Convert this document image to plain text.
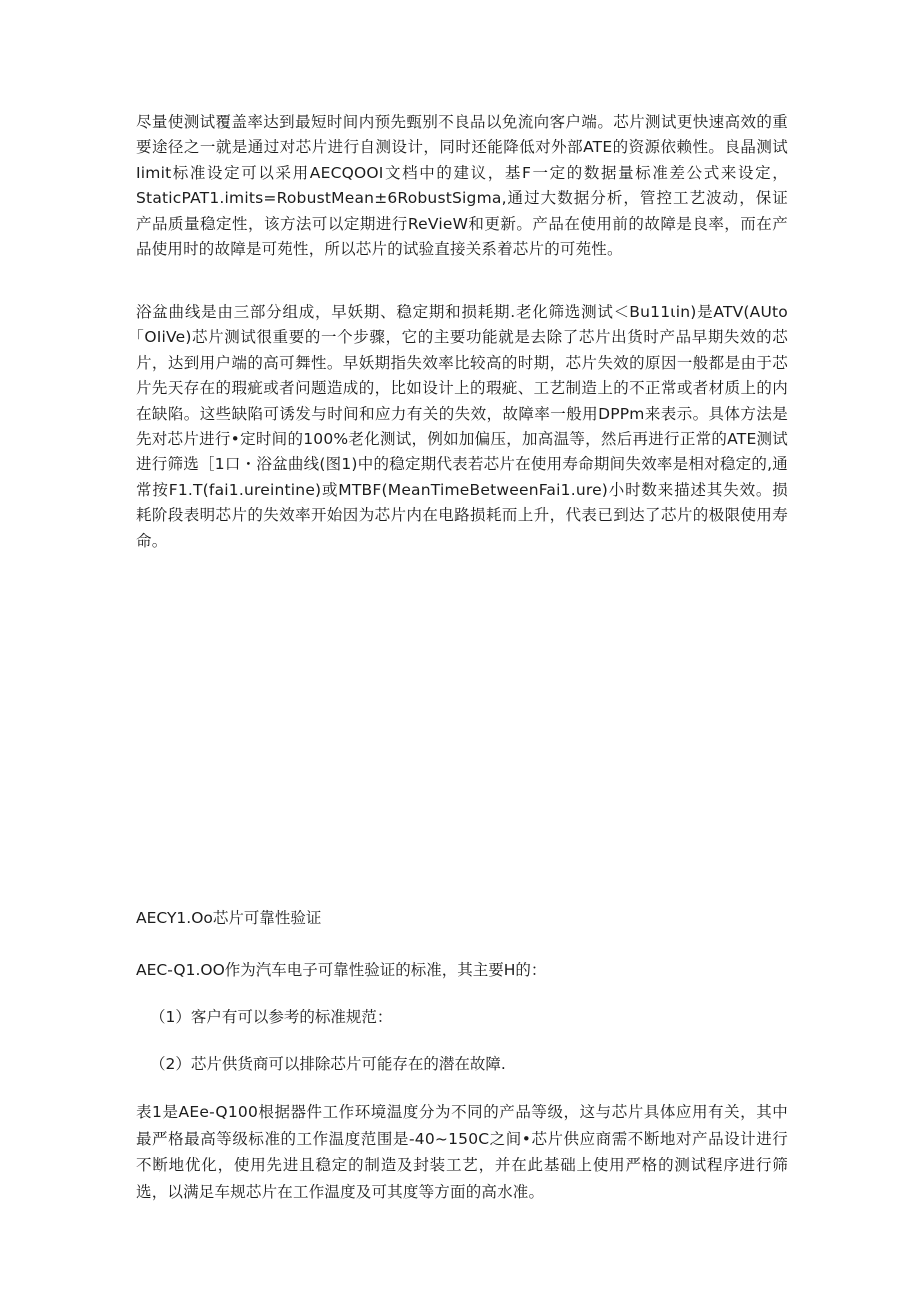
尽量使测试覆盖率达到最短时间内预先甄别不良品以免流向客户端。芯片测试更快速高效的重要途径之一就是通过对芯片进行自测设计，同时还能降低对外部ATE的资源依赖性。良晶测试Iimit标准设定可以采用AECQOOI文档中的建议，基F一定的数据量标准差公式来设定，StaticPAT1.imits=RobustMean±6RobustSigma,通过大数据分析，管控工艺波动，保证产品质量稳定性，该方法可以定期进行ReVieW和更新。产品在使用前的故障是良率，而在产品使用时的故障是可苑性，所以芯片的试验直接关系着芯片的可苑性。

浴盆曲线是由三部分组成，早妖期、稳定期和损耗期.老化筛选测试＜Bu11ιin)是ATV(AUto｢OIiVe)芯片测试很重要的一个步骤，它的主要功能就是去除了芯片出货时产品早期失效的芯片，达到用户端的高可舞性。早妖期指失效率比较高的时期，芯片失效的原因一般都是由于芯片先天存在的瑕疵或者问题造成的，比如设计上的瑕疵、工艺制造上的不正常或者材质上的内在缺陷。这些缺陷可诱发与时间和应力有关的失效，故障率一般用DPPm来表示。具体方法是先对芯片进行•定时间的100%老化测试，例如加偏压，加高温等，然后再进行正常的ATE测试进行筛选［1口・浴盆曲线(图1)中的稳定期代表若芯片在使用寿命期间失效率是相对稳定的,通常按F1.T(fai1.ureintine)或MTBF(MeanTimeBetweenFai1.ure)小时数来描述其失效。损耗阶段表明芯片的失效率开始因为芯片内在电路损耗而上升，代表已到达了芯片的极限使用寿命。

AECY1.Oo芯片可靠性验证

AEC-Q1.OO作为汽车电子可靠性验证的标准，其主要H的：

（1）客户有可以参考的标准规范：

（2）芯片供货商可以排除芯片可能存在的潜在故障.

表1是AEe-Q100根据器件工作环境温度分为不同的产品等级，这与芯片具体应用有关，其中最严格最高等级标准的工作温度范围是-40~150C之间•芯片供应商需不断地对产品设计进行不断地优化，使用先进且稳定的制造及封装工艺，并在此基础上使用严格的测试程序进行筛选，以满足车规芯片在工作温度及可其度等方面的高水准。
